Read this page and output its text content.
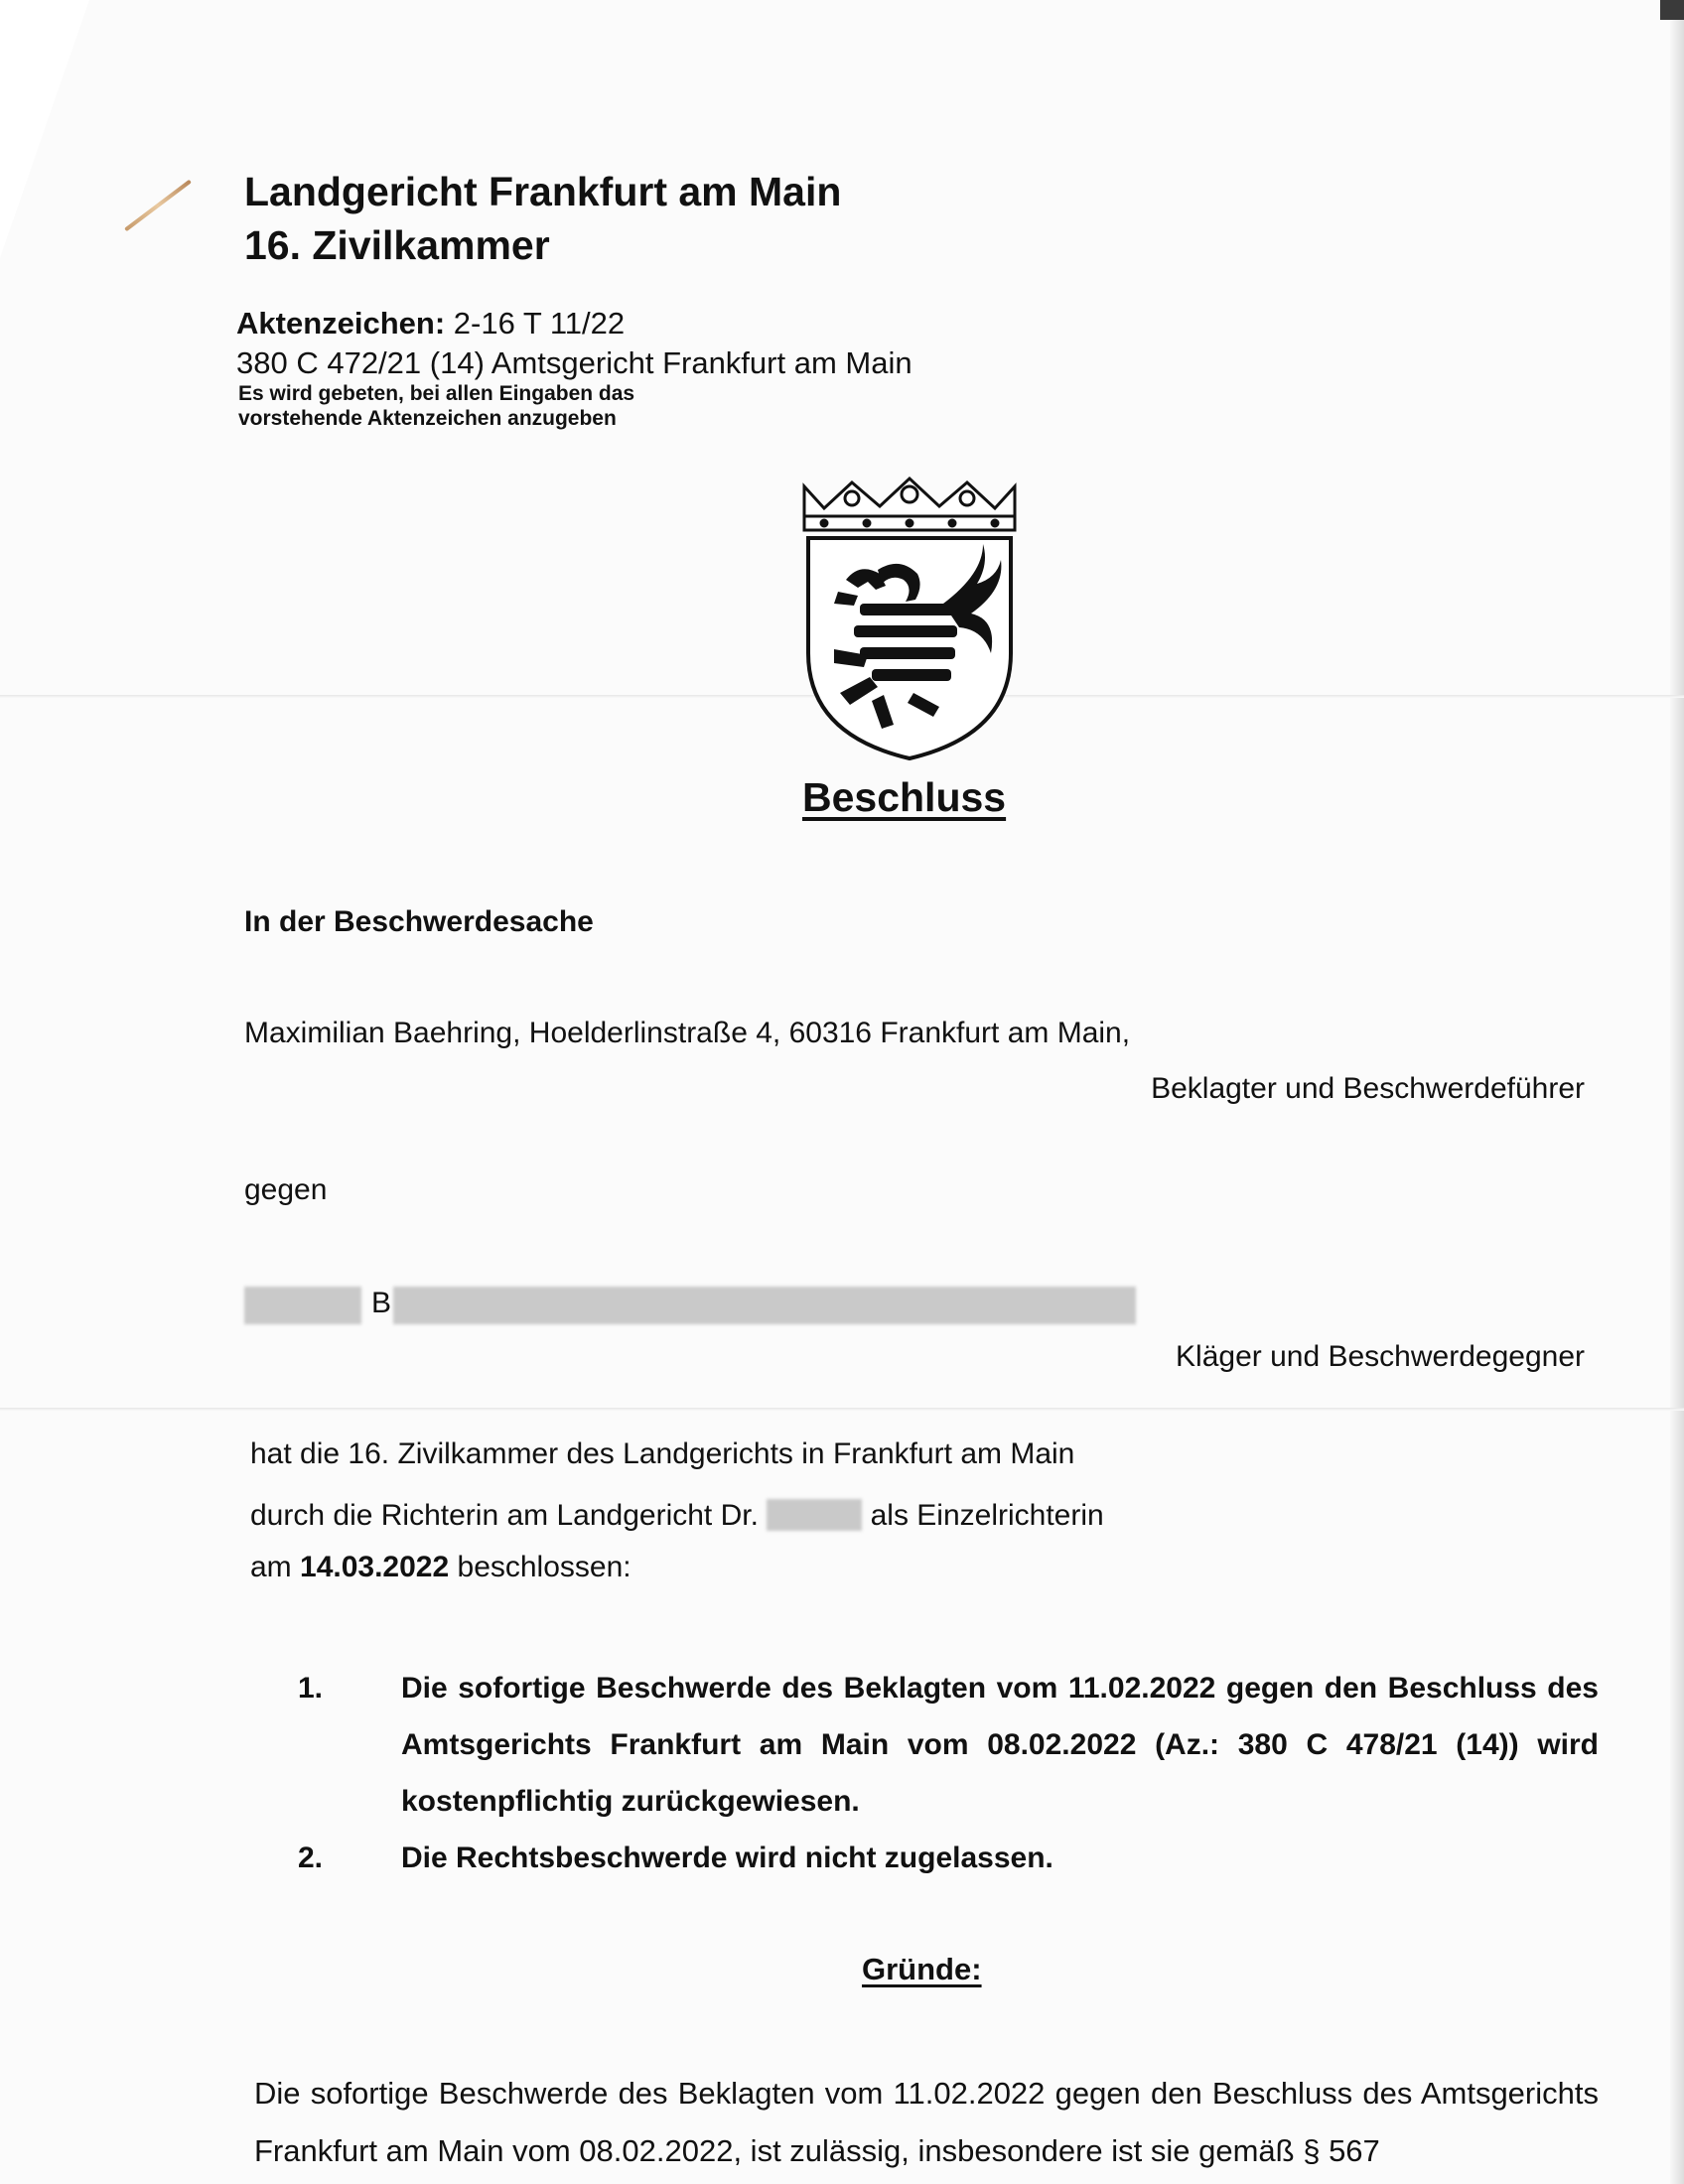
Landgericht Frankfurt am Main
16. Zivilkammer
Aktenzeichen: 2-16 T 11/22
380 C 472/21 (14) Amtsgericht Frankfurt am Main
Es wird gebeten, bei allen Eingaben das
vorstehende Aktenzeichen anzugeben
Beschluss
In der Beschwerdesache
Maximilian Baehring, Hoelderlinstraße 4, 60316 Frankfurt am Main,
Beklagter und Beschwerdeführer
gegen
B
Kläger und Beschwerdegegner
hat die 16. Zivilkammer des Landgerichts in Frankfurt am Main
durch die Richterin am Landgericht Dr.	als Einzelrichterin
am 14.03.2022 beschlossen:
1.	Die sofortige Beschwerde des Beklagten vom 11.02.2022 gegen den Beschluss des Amtsgerichts Frankfurt am Main vom 08.02.2022 (Az.: 380 C 478/21 (14)) wird kostenpflichtig zurückgewiesen.
2.	Die Rechtsbeschwerde wird nicht zugelassen.
Gründe:
Die sofortige Beschwerde des Beklagten vom 11.02.2022 gegen den Beschluss des Amtsgerichts Frankfurt am Main vom 08.02.2022, ist zulässig, insbesondere ist sie gemäß § 567
